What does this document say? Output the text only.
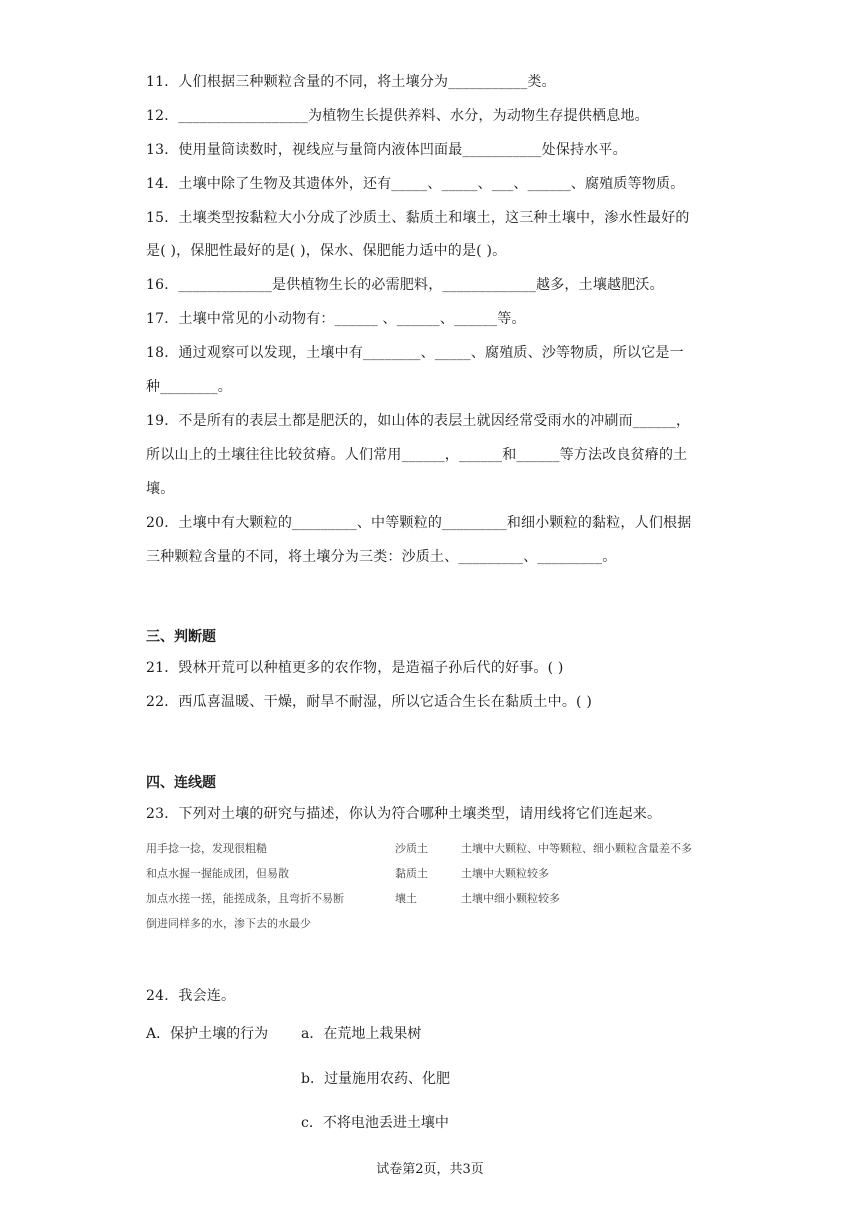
11．人们根据三种颗粒含量的不同，将土壤分为___________类。
12．__________________为植物生长提供养料、水分，为动物生存提供栖息地。
13．使用量筒读数时，视线应与量筒内液体凹面最___________处保持水平。
14．土壤中除了生物及其遗体外，还有_____、_____、___、______、腐殖质等物质。
15．土壤类型按黏粒大小分成了沙质土、黏质土和壤土，这三种土壤中，渗水性最好的
是( )，保肥性最好的是( )，保水、保肥能力适中的是( )。
16．_____________是供植物生长的必需肥料，_____________越多，土壤越肥沃。
17．土壤中常见的小动物有：______ 、______、______等。
18．通过观察可以发现，土壤中有________、_____、腐殖质、沙等物质，所以它是一
种________。
19．不是所有的表层土都是肥沃的，如山体的表层土就因经常受雨水的冲刷而______，
所以山上的土壤往往比较贫瘠。人们常用______，______和______等方法改良贫瘠的土
壤。
20．土壤中有大颗粒的_________、中等颗粒的_________和细小颗粒的黏粒，人们根据
三种颗粒含量的不同，将土壤分为三类：沙质土、_________、_________。
三、判断题
21．毁林开荒可以种植更多的农作物，是造福子孙后代的好事。( )
22．西瓜喜温暖、干燥，耐旱不耐湿，所以它适合生长在黏质土中。( )
四、连线题
23．下列对土壤的研究与描述，你认为符合哪种土壤类型，请用线将它们连起来。
用手捻一捻，发现很粗糙
和点水握一握能成团，但易散
加点水搓一搓，能搓成条，且弯折不易断
倒进同样多的水，渗下去的水最少
沙质土
黏质土
壤土
土壤中大颗粒、中等颗粒、细小颗粒含量差不多
土壤中大颗粒较多
土壤中细小颗粒较多
24．我会连。
A．保护土壤的行为 a．在荒地上栽果树
b．过量施用农药、化肥
c．不将电池丢进土壤中
试卷第2页，共3页
